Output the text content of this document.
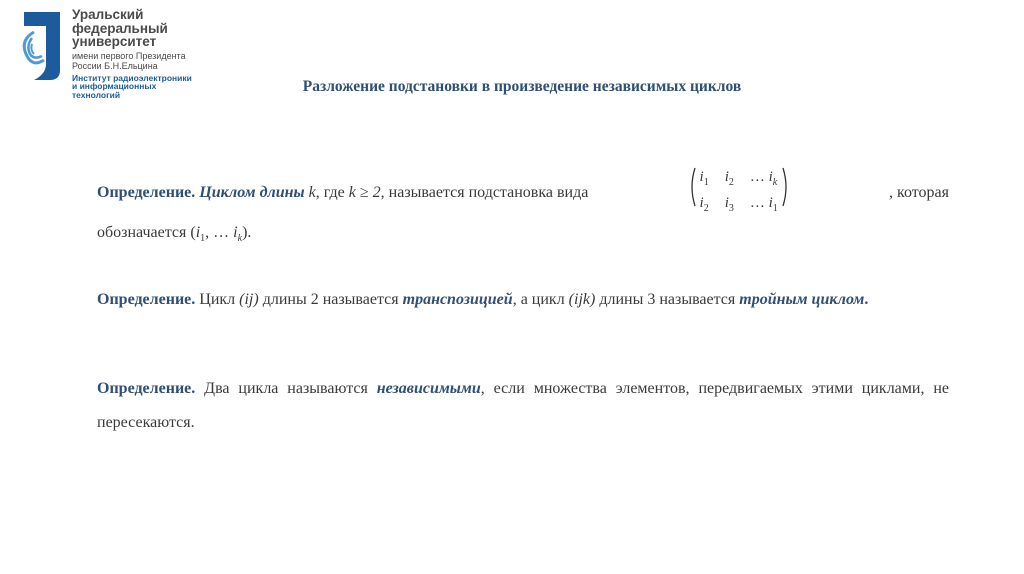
Уральский
федеральный
университет
имени первого Президента
России Б.Н.Ельцина
Институт радиоэлектроники
и информационных
технологий	Разложение подстановки в произведение независимых циклов
Определение. Циклом длины k, где k ≥ 2, называется подстановка вида
$i_1$ $i_2$ … $i_k$
$i_2$ $i_3$ … $i_1$
, которая
обозначается ($i_1$, … $i_k$).
Определение. Цикл (ij) длины 2 называется транспозицией, а цикл (ijk) длины 3 называется тройным циклом.
Определение. Два цикла называются независимыми, если множества элементов, передвигаемых этими циклами, не пересекаются.
